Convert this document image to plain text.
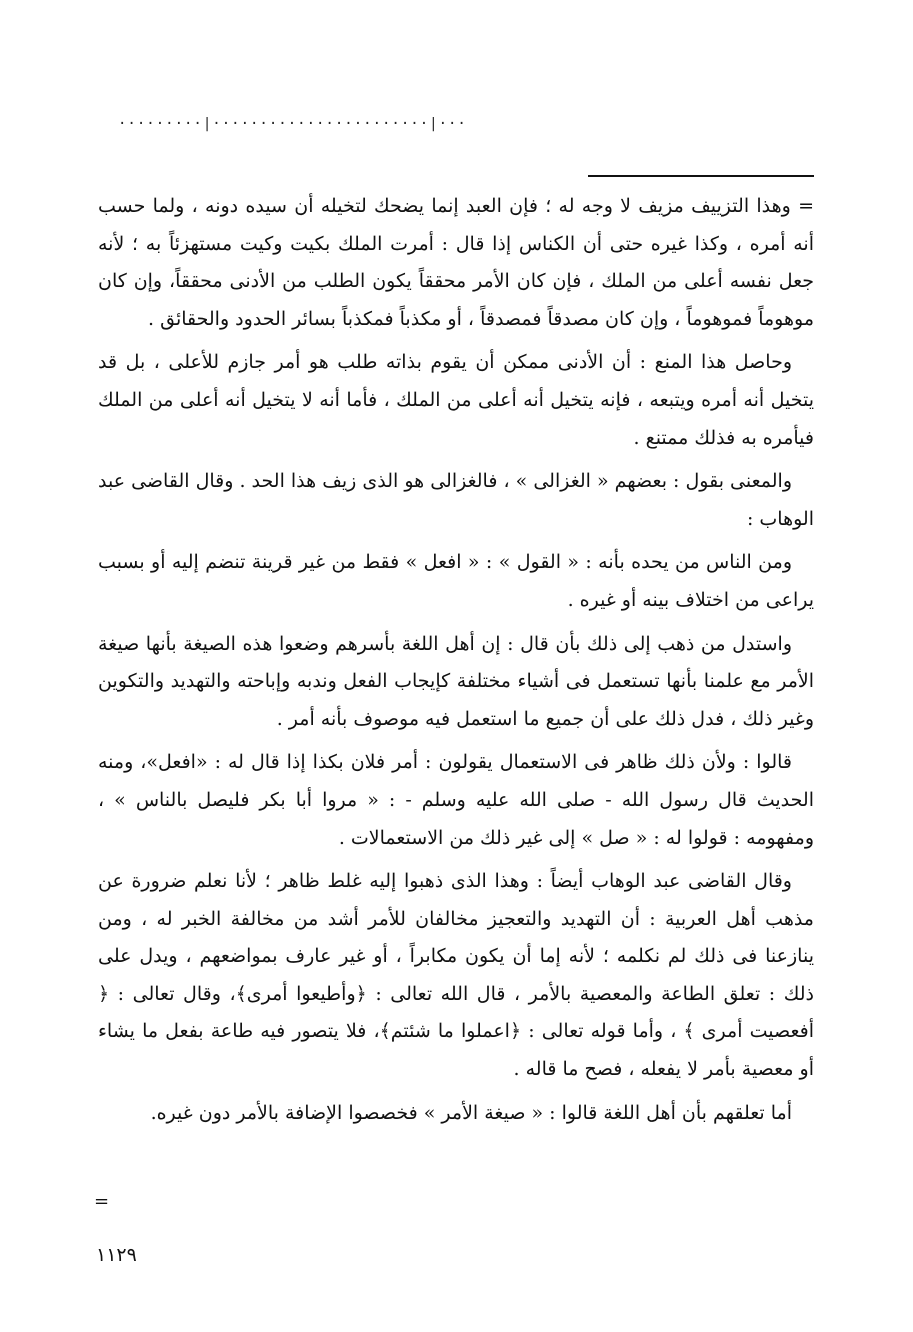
·········|·······················|···

= وهذا التزييف مزيف لا وجه له ؛ فإن العبد إنما يضحك لتخيله أن سيده دونه ، ولما حسب أنه أمره ، وكذا غيره حتى أن الكناس إذا قال : أمرت الملك بكيت وكيت مستهزئاً به ؛ لأنه جعل نفسه أعلى من الملك ، فإن كان الأمر محققاً يكون الطلب من الأدنى محققاً، وإن كان موهوماً فموهوماً ، وإن كان مصدقاً فمصدقاً ، أو مكذباً فمكذباً بسائر الحدود والحقائق .

وحاصل هذا المنع : أن الأدنى ممكن أن يقوم بذاته طلب هو أمر جازم للأعلى ، بل قد يتخيل أنه أمره ويتبعه ، فإنه يتخيل أنه أعلى من الملك ، فأما أنه لا يتخيل أنه أعلى من الملك فيأمره به فذلك ممتنع .

والمعنى بقول : بعضهم « الغزالى » ، فالغزالى هو الذى زيف هذا الحد . وقال القاضى عبد الوهاب :

ومن الناس من يحده بأنه : « القول » : « افعل » فقط من غير قرينة تنضم إليه أو بسبب يراعى من اختلاف بينه أو غيره .

واستدل من ذهب إلى ذلك بأن قال : إن أهل اللغة بأسرهم وضعوا هذه الصيغة بأنها صيغة الأمر مع علمنا بأنها تستعمل فى أشياء مختلفة كإيجاب الفعل وندبه وإباحته والتهديد والتكوين وغير ذلك ، فدل ذلك على أن جميع ما استعمل فيه موصوف بأنه أمر .

قالوا : ولأن ذلك ظاهر فى الاستعمال يقولون : أمر فلان بكذا إذا قال له : «افعل»، ومنه الحديث قال رسول الله - صلى الله عليه وسلم - : « مروا أبا بكر فليصل بالناس » ، ومفهومه : قولوا له : « صل » إلى غير ذلك من الاستعمالات .

وقال القاضى عبد الوهاب أيضاً : وهذا الذى ذهبوا إليه غلط ظاهر ؛ لأنا نعلم ضرورة عن مذهب أهل العربية : أن التهديد والتعجيز مخالفان للأمر أشد من مخالفة الخبر له ، ومن ينازعنا فى ذلك لم نكلمه ؛ لأنه إما أن يكون مكابراً ، أو غير عارف بمواضعهم ، ويدل على ذلك : تعلق الطاعة والمعصية بالأمر ، قال الله تعالى : ﴿وأطيعوا أمرى﴾، وقال تعالى : ﴿ أفعصيت أمرى ﴾ ، وأما قوله تعالى : ﴿اعملوا ما شئتم﴾، فلا يتصور فيه طاعة بفعل ما يشاء أو معصية بأمر لا يفعله ، فصح ما قاله .

أما تعلقهم بأن أهل اللغة قالوا : « صيغة الأمر » فخصصوا الإضافة بالأمر دون غيره.

=
١١٢٩
